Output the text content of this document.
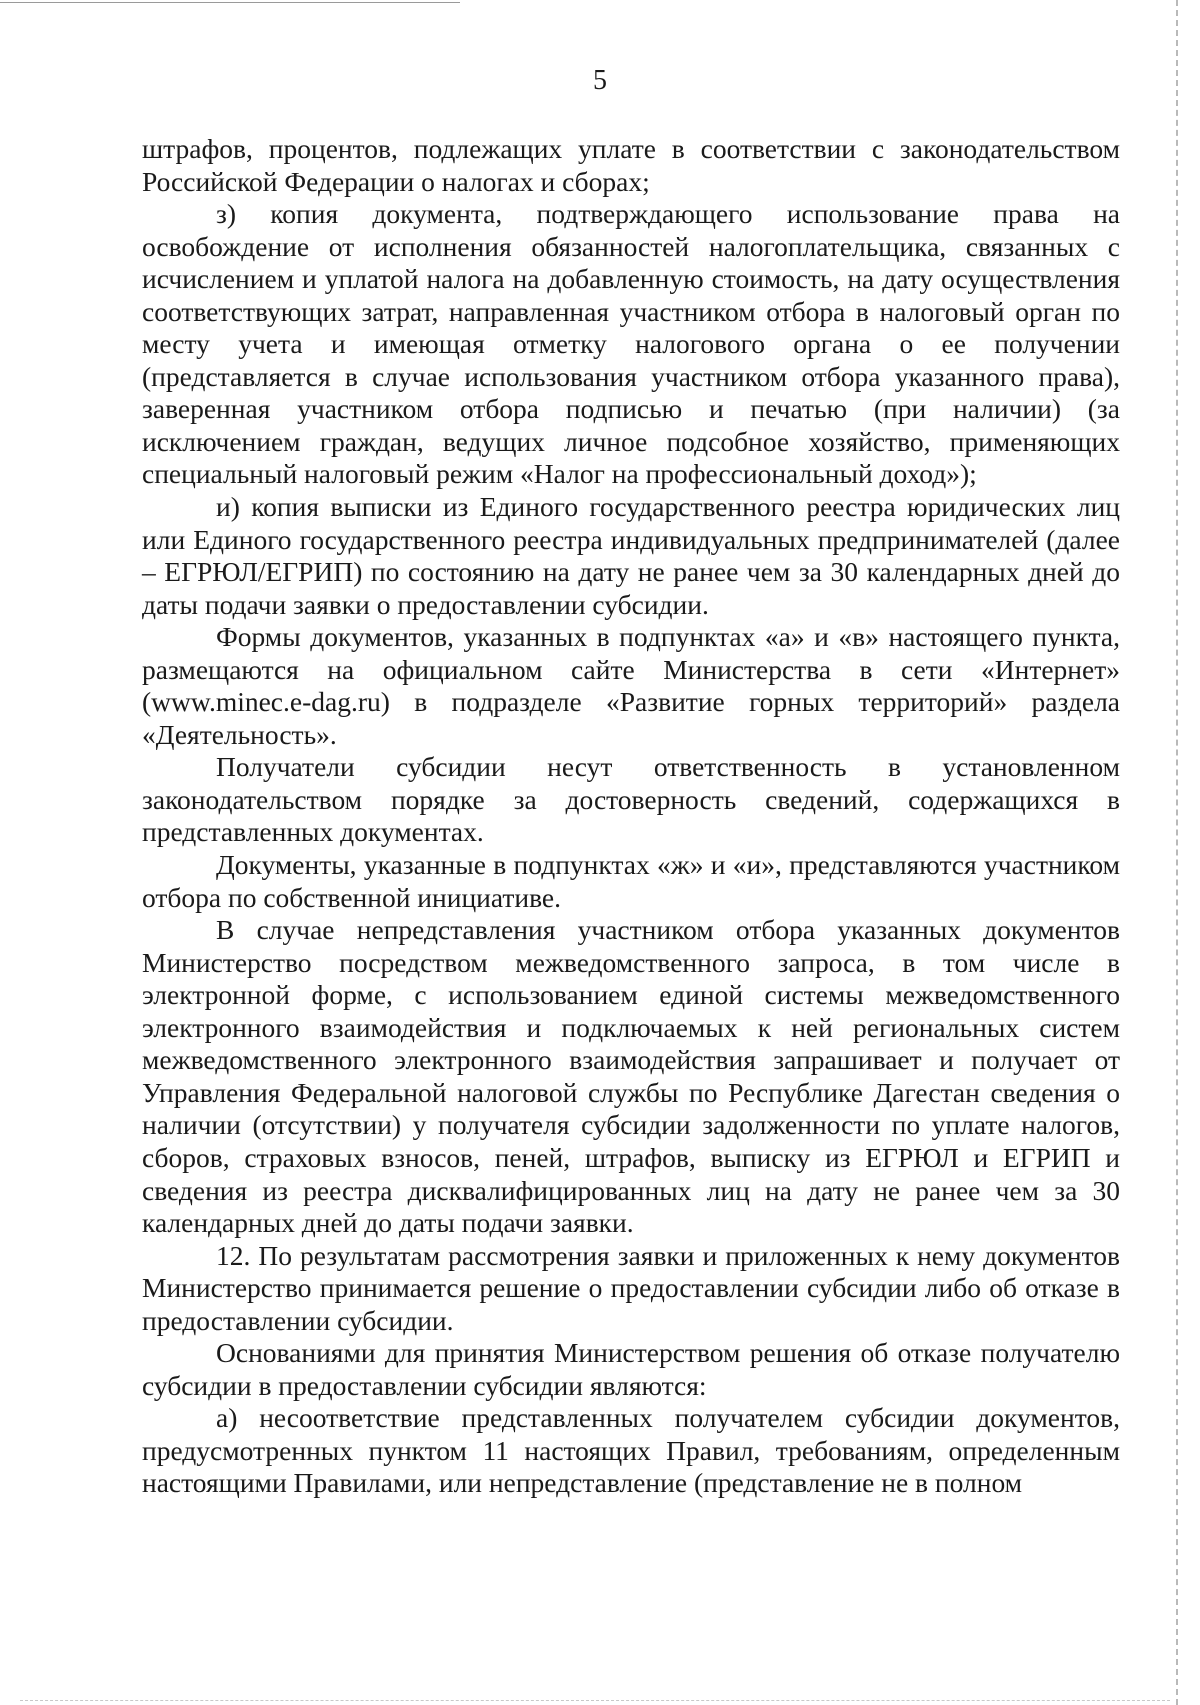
5

штрафов, процентов, подлежащих уплате в соответствии с законодательством Российской Федерации о налогах и сборах;

з) копия документа, подтверждающего использование права на освобождение от исполнения обязанностей налогоплательщика, связанных с исчислением и уплатой налога на добавленную стоимость, на дату осуществления соответствующих затрат, направленная участником отбора в налоговый орган по месту учета и имеющая отметку налогового органа о ее получении (представляется в случае использования участником отбора указанного права), заверенная участником отбора подписью и печатью (при наличии) (за исключением граждан, ведущих личное подсобное хозяйство, применяющих специальный налоговый режим «Налог на профессиональный доход»);

и) копия выписки из Единого государственного реестра юридических лиц или Единого государственного реестра индивидуальных предпринимателей (далее – ЕГРЮЛ/ЕГРИП) по состоянию на дату не ранее чем за 30 календарных дней до даты подачи заявки о предоставлении субсидии.

Формы документов, указанных в подпунктах «а» и «в» настоящего пункта, размещаются на официальном сайте Министерства в сети «Интернет» (www.minec.e-dag.ru) в подразделе «Развитие горных территорий» раздела «Деятельность».

Получатели субсидии несут ответственность в установленном законодательством порядке за достоверность сведений, содержащихся в представленных документах.

Документы, указанные в подпунктах «ж» и «и», представляются участником отбора по собственной инициативе.

В случае непредставления участником отбора указанных документов Министерство посредством межведомственного запроса, в том числе в электронной форме, с использованием единой системы межведомственного электронного взаимодействия и подключаемых к ней региональных систем межведомственного электронного взаимодействия запрашивает и получает от Управления Федеральной налоговой службы по Республике Дагестан сведения о наличии (отсутствии) у получателя субсидии задолженности по уплате налогов, сборов, страховых взносов, пеней, штрафов, выписку из ЕГРЮЛ и ЕГРИП и сведения из реестра дисквалифицированных лиц на дату не ранее чем за 30 календарных дней до даты подачи заявки.

12. По результатам рассмотрения заявки и приложенных к нему документов Министерство принимается решение о предоставлении субсидии либо об отказе в предоставлении субсидии.

Основаниями для принятия Министерством решения об отказе получателю субсидии в предоставлении субсидии являются:

а) несоответствие представленных получателем субсидии документов, предусмотренных пунктом 11 настоящих Правил, требованиям, определенным настоящими Правилами, или непредставление (представление не в полном
